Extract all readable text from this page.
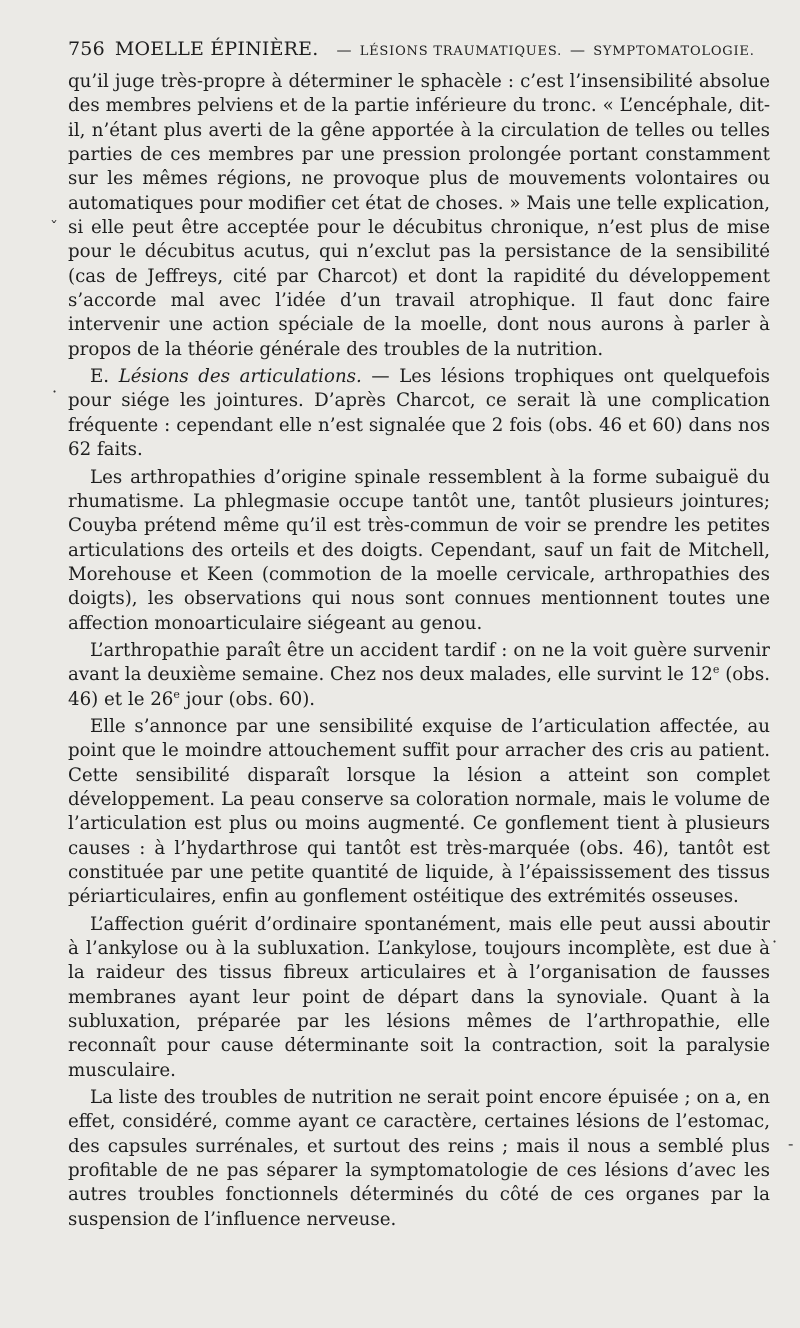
756 MOELLE ÉPINIÈRE. — LÉSIONS TRAUMATIQUES. — SYMPTOMATOLOGIE.

qu’il juge très-propre à déterminer le sphacèle : c’est l’insensibilité absolue des membres pelviens et de la partie inférieure du tronc. « L’encéphale, dit-il, n’étant plus averti de la gêne apportée à la circulation de telles ou telles parties de ces membres par une pression prolongée portant constamment sur les mêmes régions, ne provoque plus de mouvements volontaires ou automatiques pour modifier cet état de choses. » Mais une telle explication, si elle peut être acceptée pour le décubitus chronique, n’est plus de mise pour le décubitus acutus, qui n’exclut pas la persistance de la sensibilité (cas de Jeffreys, cité par Charcot) et dont la rapidité du développement s’accorde mal avec l’idée d’un travail atrophique. Il faut donc faire intervenir une action spéciale de la moelle, dont nous aurons à parler à propos de la théorie générale des troubles de la nutrition.

E. Lésions des articulations. — Les lésions trophiques ont quelquefois pour siége les jointures. D’après Charcot, ce serait là une complication fréquente : cependant elle n’est signalée que 2 fois (obs. 46 et 60) dans nos 62 faits.

Les arthropathies d’origine spinale ressemblent à la forme subaiguë du rhumatisme. La phlegmasie occupe tantôt une, tantôt plusieurs jointures; Couyba prétend même qu’il est très-commun de voir se prendre les petites articulations des orteils et des doigts. Cependant, sauf un fait de Mitchell, Morehouse et Keen (commotion de la moelle cervicale, arthropathies des doigts), les observations qui nous sont connues mentionnent toutes une affection monoarticulaire siégeant au genou.

L’arthropathie paraît être un accident tardif : on ne la voit guère survenir avant la deuxième semaine. Chez nos deux malades, elle survint le 12e (obs. 46) et le 26e jour (obs. 60).

Elle s’annonce par une sensibilité exquise de l’articulation affectée, au point que le moindre attouchement suffit pour arracher des cris au patient. Cette sensibilité disparaît lorsque la lésion a atteint son complet développement. La peau conserve sa coloration normale, mais le volume de l’articulation est plus ou moins augmenté. Ce gonflement tient à plusieurs causes : à l’hydarthrose qui tantôt est très-marquée (obs. 46), tantôt est constituée par une petite quantité de liquide, à l’épaississement des tissus périarticulaires, enfin au gonflement ostéitique des extrémités osseuses.

L’affection guérit d’ordinaire spontanément, mais elle peut aussi aboutir à l’ankylose ou à la subluxation. L’ankylose, toujours incomplète, est due à la raideur des tissus fibreux articulaires et à l’organisation de fausses membranes ayant leur point de départ dans la synoviale. Quant à la subluxation, préparée par les lésions mêmes de l’arthropathie, elle reconnaît pour cause déterminante soit la contraction, soit la paralysie musculaire.

La liste des troubles de nutrition ne serait point encore épuisée ; on a, en effet, considéré, comme ayant ce caractère, certaines lésions de l’estomac, des capsules surrénales, et surtout des reins ; mais il nous a semblé plus profitable de ne pas séparer la symptomatologie de ces lésions d’avec les autres troubles fonctionnels déterminés du côté de ces organes par la suspension de l’influence nerveuse.

ˇ
·
·
-
